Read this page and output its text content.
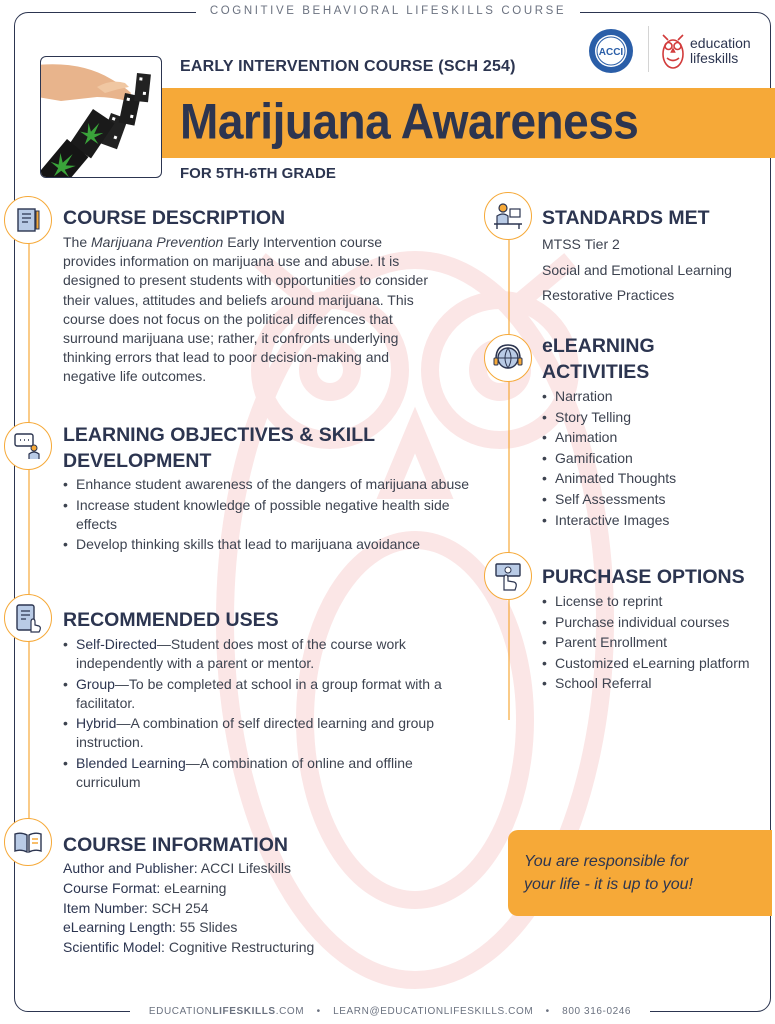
COGNITIVE BEHAVIORAL LIFESKILLS COURSE
EARLY INTERVENTION COURSE (SCH 254)
Marijuana Awareness
FOR 5TH-6TH GRADE
ACCI
education
lifeskills
COURSE DESCRIPTION
The Marijuana Prevention Early Intervention course
provides information on marijuana use and abuse. It is
designed to present students with opportunities to consider
their values, attitudes and beliefs around marijuana. This
course does not focus on the political differences that
surround marijuana use; rather, it confronts underlying
thinking errors that lead to poor decision-making and
negative life outcomes.
LEARNING OBJECTIVES & SKILL
DEVELOPMENT
• Enhance student awareness of the dangers of marijuana abuse
• Increase student knowledge of possible negative health side effects
• Develop thinking skills that lead to marijuana avoidance
RECOMMENDED USES
• Self-Directed—Student does most of the course work independently with a parent or mentor.
• Group—To be completed at school in a group format with a facilitator.
• Hybrid—A combination of self directed learning and group instruction.
• Blended Learning—A combination of online and offline curriculum
COURSE INFORMATION
Author and Publisher: ACCI Lifeskills
Course Format: eLearning
Item Number: SCH 254
eLearning Length: 55 Slides
Scientific Model: Cognitive Restructuring
STANDARDS MET
MTSS Tier 2
Social and Emotional Learning
Restorative Practices
eLEARNING
ACTIVITIES
• Narration
• Story Telling
• Animation
• Gamification
• Animated Thoughts
• Self Assessments
• Interactive Images
PURCHASE OPTIONS
• License to reprint
• Purchase individual courses
• Parent Enrollment
• Customized eLearning platform
• School Referral
You are responsible for
your life - it is up to you!
EDUCATIONLIFESKILLS.COM • LEARN@EDUCATIONLIFESKILLS.COM • 800 316-0246
